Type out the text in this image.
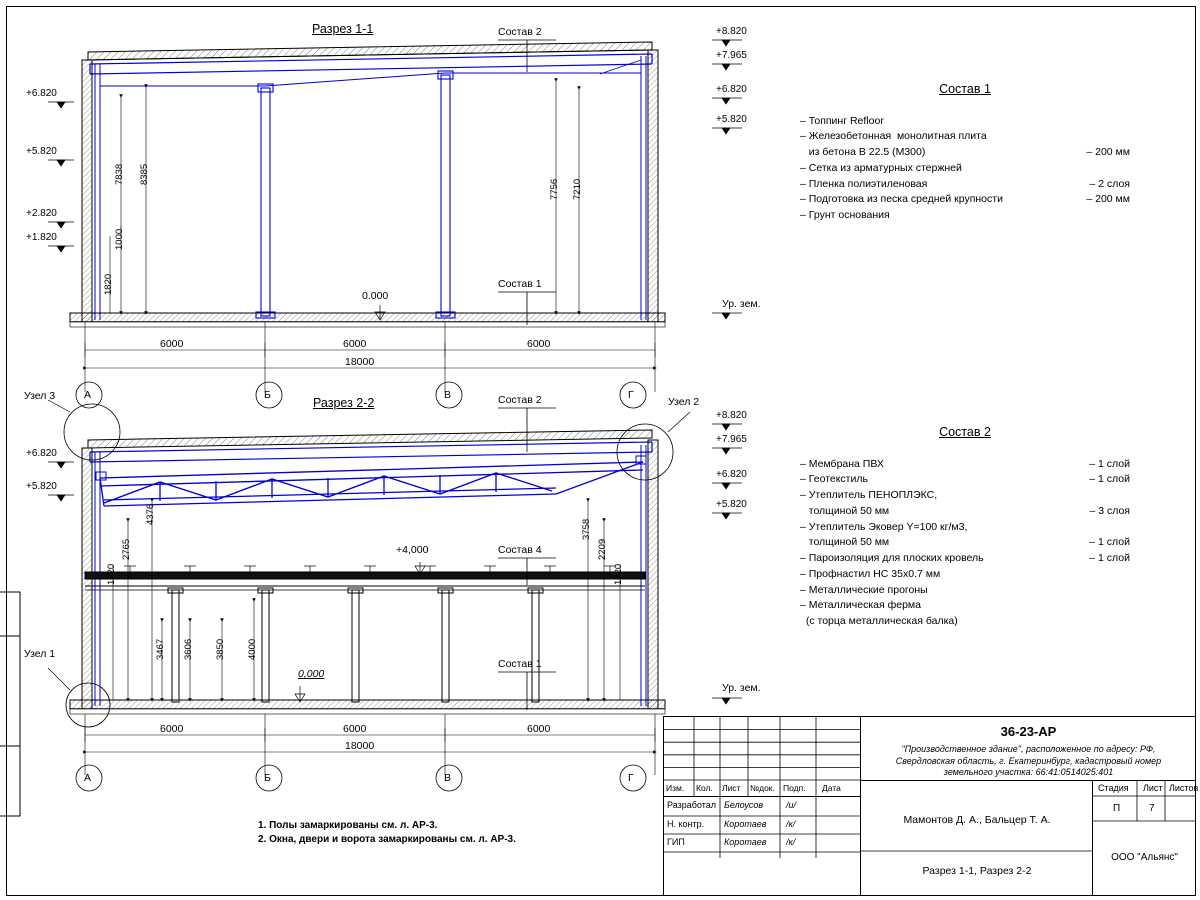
Разрез 1-1
Разрез 2-2
Состав 2
Состав 1
Состав 2
Состав 4
Состав 1
Узел 3	Узел 2
Узел 1
0.000
+4,000
0,000
Ур. зем.
Ур. зем.
+6.820
+5.820
+2.820
+1.820
+8.820
+7.965
+6.820
+5.820
+6.820
+5.820
+8.820
+7.965
+6.820
+5.820
7838 8385
1000
1820
7756 7210
6000	6000	6000
18000
А	Б	В	Г
1820
2765
4376
3758
2209
1820
3467 3606 3850 4000
6000	6000	6000
18000
А	Б	В	Г
Состав 1
– Топпинг Refloor
– Железобетонная  монолитная плита
из бетона В 22.5 (М300)	– 200 мм
– Сетка из арматурных стержней
– Пленка полиэтиленовая	– 2 слоя
– Подготовка из песка средней крупности	– 200 мм
– Грунт основания
Состав 2
– Мембрана ПВХ	– 1 слой
– Геотекстиль	– 1 слой
– Утеплитель ПЕНОПЛЭКС,
толщиной 50 мм	– 3 слоя
– Утеплитель Эковер Y=100 кг/м3,
толщиной 50 мм	– 1 слой
– Пароизоляция для плоских кровель	– 1 слой
– Профнастил НС 35х0.7 мм
– Металлические прогоны
– Металлическая ферма
(с торца металлическая балка)
1. Полы замаркированы см. л. АР-3.
2. Окна, двери и ворота замаркированы см. л. АР-3.
36-23-АР
"Производственное здание", расположенное по адресу: РФ,
Свердловская область, г. Екатеринбург, кадастровый номер
земельного участка: 66:41:0514025:401
Изм. Кол. Лист №док. Подп. Дата
Разработал Белоусов	/и/
Н. контр. Коротаев /к/
ГИП	Коротаев /к/
Мамонтов Д. А., Бальцер Т. А.
Разрез 1-1, Разрез 2-2
Стадия Лист Листов
П	7
ООО "Альянс"
